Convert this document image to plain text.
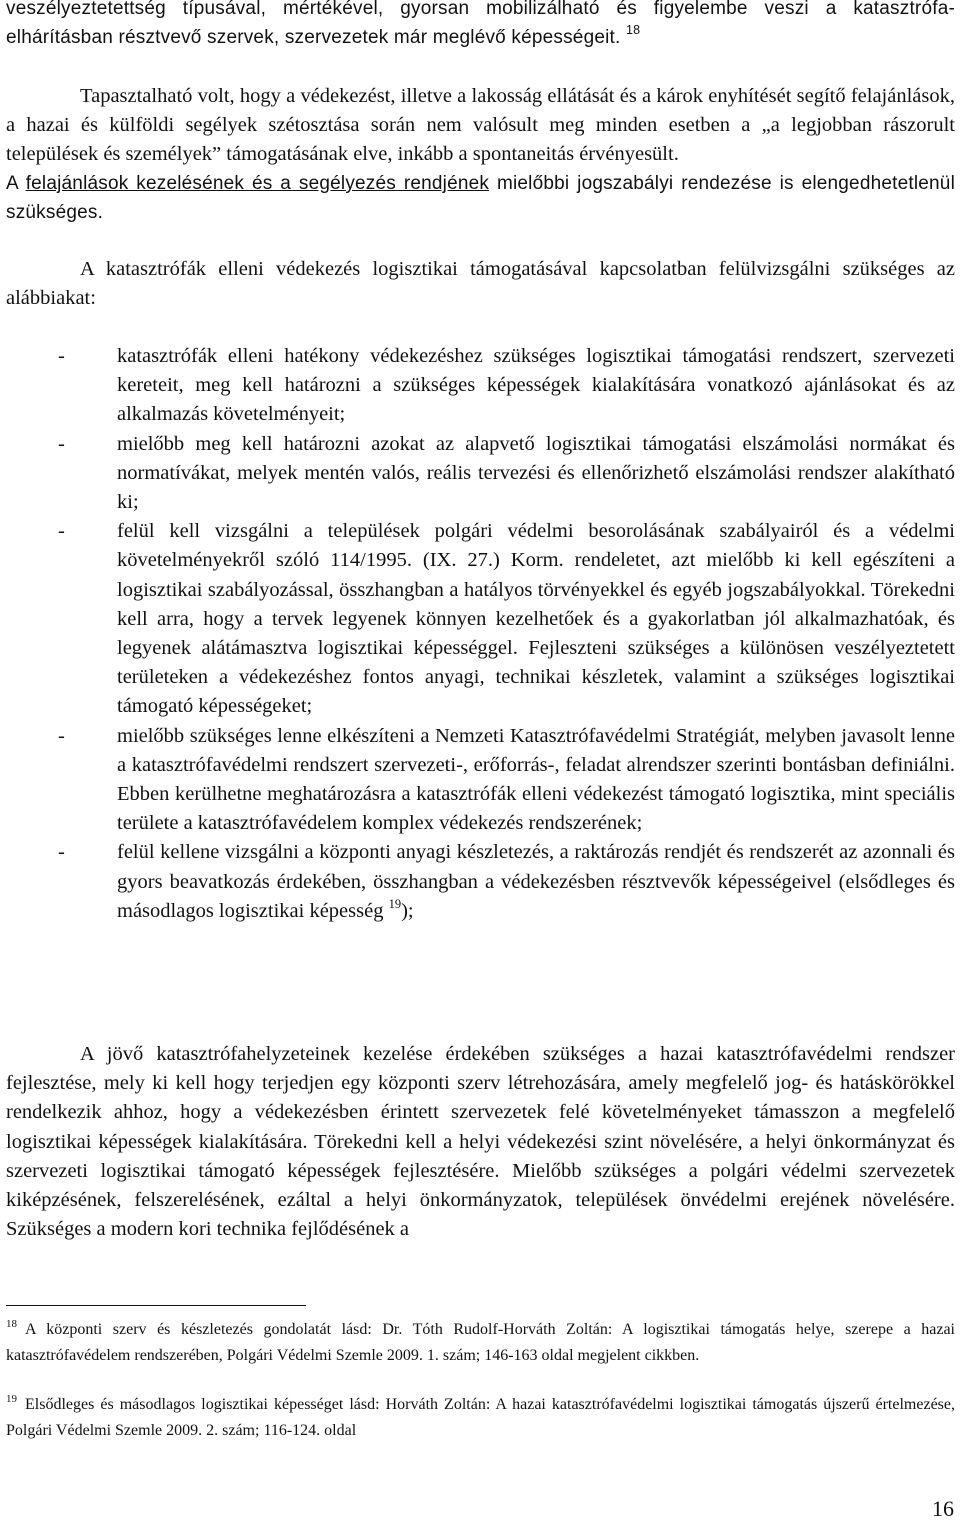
veszélyeztetettség típusával, mértékével, gyorsan mobilizálható és figyelembe veszi a katasztrófa-elhárításban résztvevő szervek, szervezetek már meglévő képességeit. $^{18}$
Tapasztalható volt, hogy a védekezést, illetve a lakosság ellátását és a károk enyhítését segítő felajánlások, a hazai és külföldi segélyek szétosztása során nem valósult meg minden esetben a „a legjobban rászorult települések és személyek” támogatásának elve, inkább a spontaneitás érvényesült.
A felajánlások kezelésének és a segélyezés rendjének mielőbbi jogszabályi rendezése is elengedhetetlenül szükséges.
A katasztrófák elleni védekezés logisztikai támogatásával kapcsolatban felülvizsgálni szükséges az alábbiakat:
-	katasztrófák elleni hatékony védekezéshez szükséges logisztikai támogatási rendszert, szervezeti kereteit, meg kell határozni a szükséges képességek kialakítására vonatkozó ajánlásokat és az alkalmazás követelményeit;
-	mielőbb meg kell határozni azokat az alapvető logisztikai támogatási elszámolási normákat és normatívákat, melyek mentén valós, reális tervezési és ellenőrizhető elszámolási rendszer alakítható ki;
-	felül kell vizsgálni a települések polgári védelmi besorolásának szabályairól és a védelmi követelményekről szóló 114/1995. (IX. 27.) Korm. rendeletet, azt mielőbb ki kell egészíteni a logisztikai szabályozással, összhangban a hatályos törvényekkel és egyéb jogszabályokkal. Törekedni kell arra, hogy a tervek legyenek könnyen kezelhetőek és a gyakorlatban jól alkalmazhatóak, és legyenek alátámasztva logisztikai képességgel. Fejleszteni szükséges a különösen veszélyeztetett területeken a védekezéshez fontos anyagi, technikai készletek, valamint a szükséges logisztikai támogató képességeket;
-	mielőbb szükséges lenne elkészíteni a Nemzeti Katasztrófavédelmi Stratégiát, melyben javasolt lenne a katasztrófavédelmi rendszert szervezeti-, erőforrás-, feladat alrendszer szerinti bontásban definiálni. Ebben kerülhetne meghatározásra a katasztrófák elleni védekezést támogató logisztika, mint speciális területe a katasztrófavédelem komplex védekezés rendszerének;
-	felül kellene vizsgálni a központi anyagi készletezés, a raktározás rendjét és rendszerét az azonnali és gyors beavatkozás érdekében, összhangban a védekezésben résztvevők képességeivel (elsődleges és másodlagos logisztikai képesség $^{19}$);
A jövő katasztrófahelyzeteinek kezelése érdekében szükséges a hazai katasztrófavédelmi rendszer fejlesztése, mely ki kell hogy terjedjen egy központi szerv létrehozására, amely megfelelő jog- és hatáskörökkel rendelkezik ahhoz, hogy a védekezésben érintett szervezetek felé követelményeket támasszon a megfelelő logisztikai képességek kialakítására. Törekedni kell a helyi védekezési szint növelésére, a helyi önkormányzat és szervezeti logisztikai támogató képességek fejlesztésére. Mielőbb szükséges a polgári védelmi szervezetek kiképzésének, felszerelésének, ezáltal a helyi önkormányzatok, települések önvédelmi erejének növelésére. Szükséges a modern kori technika fejlődésének a
$^{18}$ A központi szerv és készletezés gondolatát lásd: Dr. Tóth Rudolf-Horváth Zoltán: A logisztikai támogatás helye, szerepe a hazai katasztrófavédelem rendszerében, Polgári Védelmi Szemle 2009. 1. szám; 146-163 oldal megjelent cikkben.
$^{19}$ Elsődleges és másodlagos logisztikai képességet lásd: Horváth Zoltán: A hazai katasztrófavédelmi logisztikai támogatás újszerű értelmezése, Polgári Védelmi Szemle 2009. 2. szám; 116-124. oldal
16
